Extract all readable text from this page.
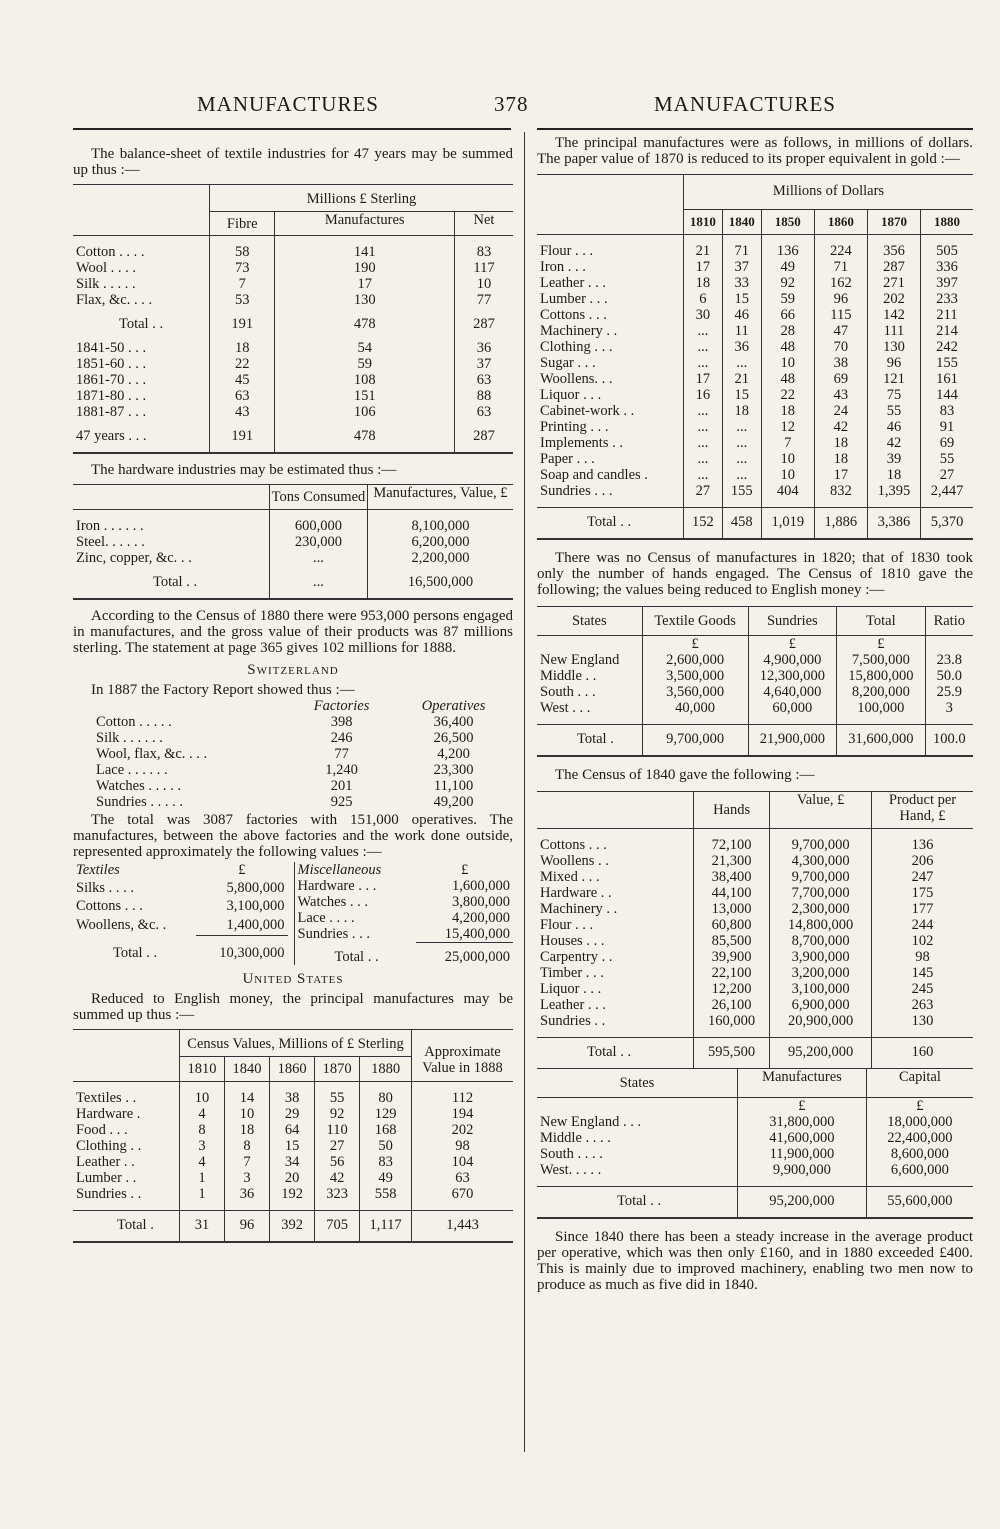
MANUFACTURES	378	MANUFACTURES

The balance-sheet of textile industries for 47 years may be summed up thus :—

	Millions £ Sterling		
	Fibre	Manufactures	Net

Cotton . . . .	58	141	83
Wool . . . .	73	190	117
Silk . . . . .	7	17	10
Flax, &c. . . .	53	130	77

Total . .	191	478	287

1841-50 . . .	18	54	36
1851-60 . . .	22	59	37
1861-70 . . .	45	108	63
1871-80 . . .	63	151	88
1881-87 . . .	43	106	63

47 years . . .	191	478	287

The hardware industries may be estimated thus :—

	Tons Consumed	Manufactures, Value, £

Iron . . . . . .	600,000	8,100,000
Steel. . . . . .	230,000	6,200,000
Zinc, copper, &c. . .	...	2,200,000

Total . .	...	16,500,000

According to the Census of 1880 there were 953,000 persons engaged in manufactures, and the gross value of their products was 87 millions sterling. The statement at page 365 gives 102 millions for 1888.

Switzerland

In 1887 the Factory Report showed thus :—

	Factories	Operatives
Cotton . . . . .	398	36,400
Silk . . . . . .	246	26,500
Wool, flax, &c. . . .	77	4,200
Lace . . . . . .	1,240	23,300
Watches . . . . .	201	11,100
Sundries . . . . .	925	49,200

The total was 3087 factories with 151,000 operatives. The manufactures, between the above factories and the work done outside, represented approximately the following values :—

Textiles	£
Silks . . . .	5,800,000
Cottons . . .	3,100,000
Woollens, &c. .	1,400,000
Total . .	10,300,000
Miscellaneous	£
Hardware . . .	1,600,000
Watches . . .	3,800,000
Lace . . . .	4,200,000
Sundries . . .	15,400,000
Total . .	25,000,000
United States

Reduced to English money, the principal manufactures may be summed up thus :—

	Census Values, Millions of £ Sterling					Approximate Value in 1888
	1810	1840	1860	1870	1880	

Textiles . .	10	14	38	55	80	112
Hardware .	4	10	29	92	129	194
Food . . .	8	18	64	110	168	202
Clothing . .	3	8	15	27	50	98
Leather . .	4	7	34	56	83	104
Lumber . .	1	3	20	42	49	63
Sundries . .	1	36	192	323	558	670

Total .	31	96	392	705	1,117	1,443

The principal manufactures were as follows, in millions of dollars. The paper value of 1870 is reduced to its proper equivalent in gold :—

	Millions of Dollars					
	1810	1840	1850	1860	1870	1880

Flour . . .	21	71	136	224	356	505
Iron . . .	17	37	49	71	287	336
Leather . . .	18	33	92	162	271	397
Lumber . . .	6	15	59	96	202	233
Cottons . . .	30	46	66	115	142	211
Machinery . .	...	11	28	47	111	214
Clothing . . .	...	36	48	70	130	242
Sugar . . .	...	...	10	38	96	155
Woollens. . .	17	21	48	69	121	161
Liquor . . .	16	15	22	43	75	144
Cabinet-work . .	...	18	18	24	55	83
Printing . . .	...	...	12	42	46	91
Implements . .	...	...	7	18	42	69
Paper . . .	...	...	10	18	39	55
Soap and candles .	...	...	10	17	18	27
Sundries . . .	27	155	404	832	1,395	2,447

Total . .	152	458	1,019	1,886	3,386	5,370

There was no Census of manufactures in 1820; that of 1830 took only the number of hands engaged. The Census of 1810 gave the following; the values being reduced to English money :—

States	Textile Goods	Sundries	Total	Ratio
	£	£	£	
New England	2,600,000	4,900,000	7,500,000	23.8
Middle . .	3,500,000	12,300,000	15,800,000	50.0
South . . .	3,560,000	4,640,000	8,200,000	25.9
West . . .	40,000	60,000	100,000	3

Total .	9,700,000	21,900,000	31,600,000	100.0

The Census of 1840 gave the following :—

	Hands	Value, £	Product per Hand, £

Cottons . . .	72,100	9,700,000	136
Woollens . .	21,300	4,300,000	206
Mixed . . .	38,400	9,700,000	247
Hardware . .	44,100	7,700,000	175
Machinery . .	13,000	2,300,000	177
Flour . . .	60,800	14,800,000	244
Houses . . .	85,500	8,700,000	102
Carpentry . .	39,900	3,900,000	98
Timber . . .	22,100	3,200,000	145
Liquor . . .	12,200	3,100,000	245
Leather . . .	26,100	6,900,000	263
Sundries . .	160,000	20,900,000	130

Total . .	595,500	95,200,000	160

States	Manufactures	Capital
	£	£
New England . . .	31,800,000	18,000,000
Middle . . . .	41,600,000	22,400,000
South . . . .	11,900,000	8,600,000
West. . . . .	9,900,000	6,600,000

Total . .	95,200,000	55,600,000

Since 1840 there has been a steady increase in the average product per operative, which was then only £160, and in 1880 exceeded £400. This is mainly due to improved machinery, enabling two men now to produce as much as five did in 1840.
